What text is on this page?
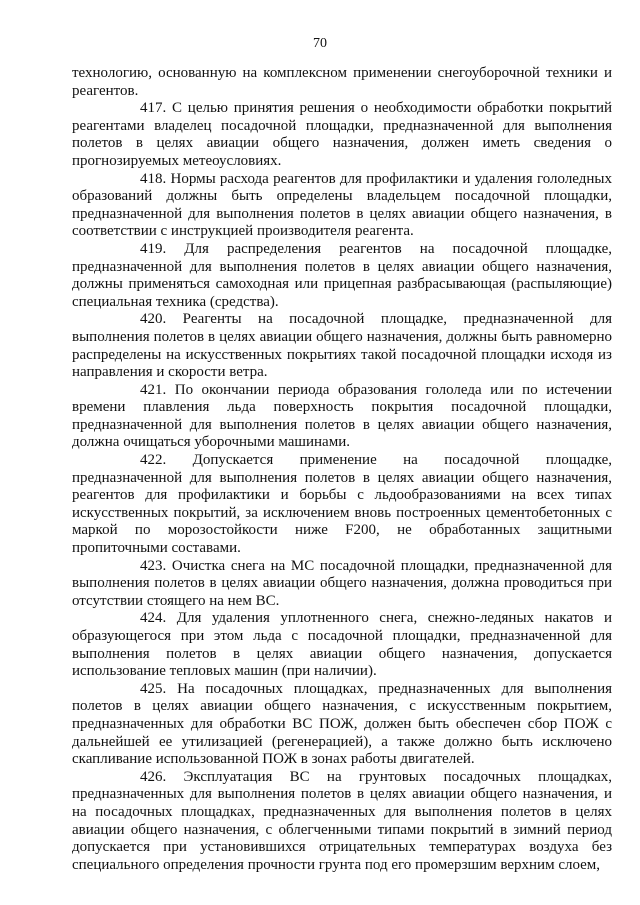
70

технологию, основанную на комплексном применении снегоуборочной техники и реагентов.

417. С целью принятия решения о необходимости обработки покрытий реагентами владелец посадочной площадки, предназначенной для выполнения полетов в целях авиации общего назначения, должен иметь сведения о прогнозируемых метеоусловиях.

418. Нормы расхода реагентов для профилактики и удаления гололедных образований должны быть определены владельцем посадочной площадки, предназначенной для выполнения полетов в целях авиации общего назначения, в соответствии с инструкцией производителя реагента.

419. Для распределения реагентов на посадочной площадке, предназначенной для выполнения полетов в целях авиации общего назначения, должны применяться самоходная или прицепная разбрасывающая (распыляющие) специальная техника (средства).

420. Реагенты на посадочной площадке, предназначенной для выполнения полетов в целях авиации общего назначения, должны быть равномерно распределены на искусственных покрытиях такой посадочной площадки исходя из направления и скорости ветра.

421. По окончании периода образования гололеда или по истечении времени плавления льда поверхность покрытия посадочной площадки, предназначенной для выполнения полетов в целях авиации общего назначения, должна очищаться уборочными машинами.

422. Допускается применение на посадочной площадке, предназначенной для выполнения полетов в целях авиации общего назначения, реагентов для профилактики и борьбы с льдообразованиями на всех типах искусственных покрытий, за исключением вновь построенных цементобетонных с маркой по морозостойкости ниже F200, не обработанных защитными пропиточными составами.

423. Очистка снега на МС посадочной площадки, предназначенной для выполнения полетов в целях авиации общего назначения, должна проводиться при отсутствии стоящего на нем ВС.

424. Для удаления уплотненного снега, снежно-ледяных накатов и образующегося при этом льда с посадочной площадки, предназначенной для выполнения полетов в целях авиации общего назначения, допускается использование тепловых машин (при наличии).

425. На посадочных площадках, предназначенных для выполнения полетов в целях авиации общего назначения, с искусственным покрытием, предназначенных для обработки ВС ПОЖ, должен быть обеспечен сбор ПОЖ с дальнейшей ее утилизацией (регенерацией), а также должно быть исключено скапливание использованной ПОЖ в зонах работы двигателей.

426. Эксплуатация ВС на грунтовых посадочных площадках, предназначенных для выполнения полетов в целях авиации общего назначения, и на посадочных площадках, предназначенных для выполнения полетов в целях авиации общего назначения, с облегченными типами покрытий в зимний период допускается при установившихся отрицательных температурах воздуха без специального определения прочности грунта под его промерзшим верхним слоем,
